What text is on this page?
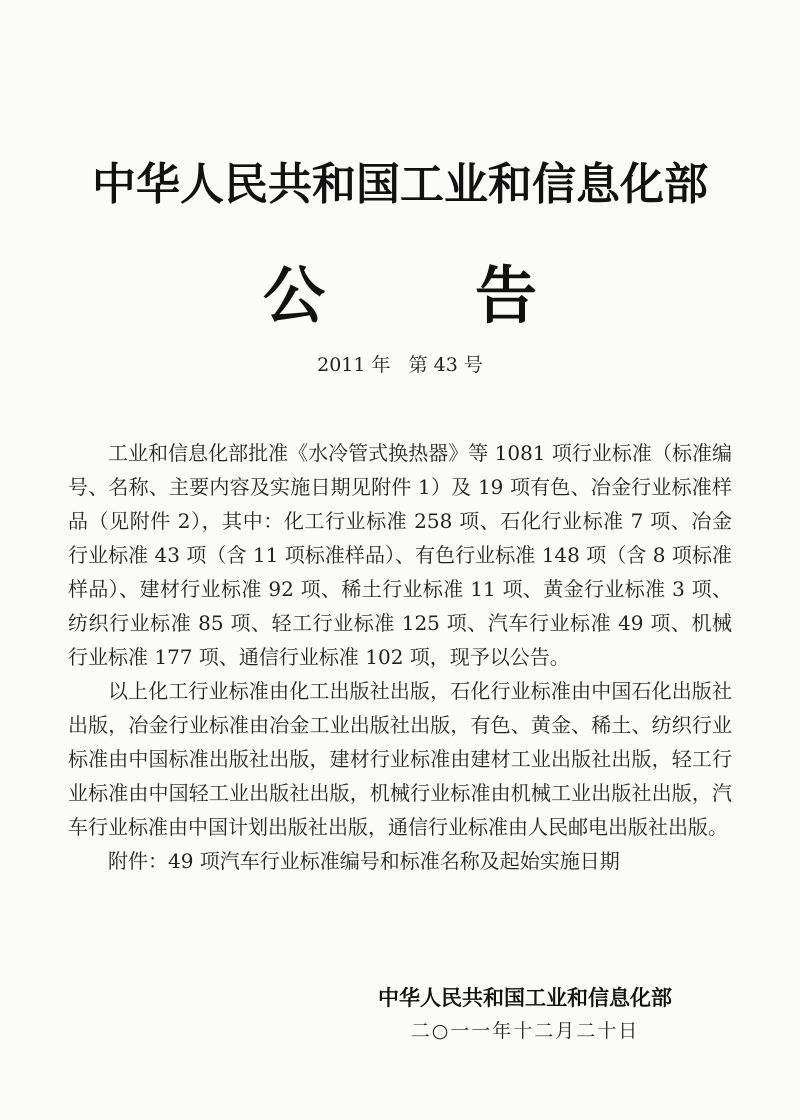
中华人民共和国工业和信息化部
公 告
2011 年   第 43 号

工业和信息化部批准《水冷管式换热器》等 1081 项行业标准（标准编号、名称、主要内容及实施日期见附件 1）及 19 项有色、冶金行业标准样品（见附件 2），其中：化工行业标准 258 项、石化行业标准 7 项、冶金行业标准 43 项（含 11 项标准样品）、有色行业标准 148 项（含 8 项标准样品）、建材行业标准 92 项、稀土行业标准 11 项、黄金行业标准 3 项、纺织行业标准 85 项、轻工行业标准 125 项、汽车行业标准 49 项、机械行业标准 177 项、通信行业标准 102 项，现予以公告。

以上化工行业标准由化工出版社出版，石化行业标准由中国石化出版社出版，冶金行业标准由冶金工业出版社出版，有色、黄金、稀土、纺织行业标准由中国标准出版社出版，建材行业标准由建材工业出版社出版，轻工行业标准由中国轻工业出版社出版，机械行业标准由机械工业出版社出版，汽车行业标准由中国计划出版社出版，通信行业标准由人民邮电出版社出版。

附件：49 项汽车行业标准编号和标准名称及起始实施日期

中华人民共和国工业和信息化部
二○一一年十二月二十日
